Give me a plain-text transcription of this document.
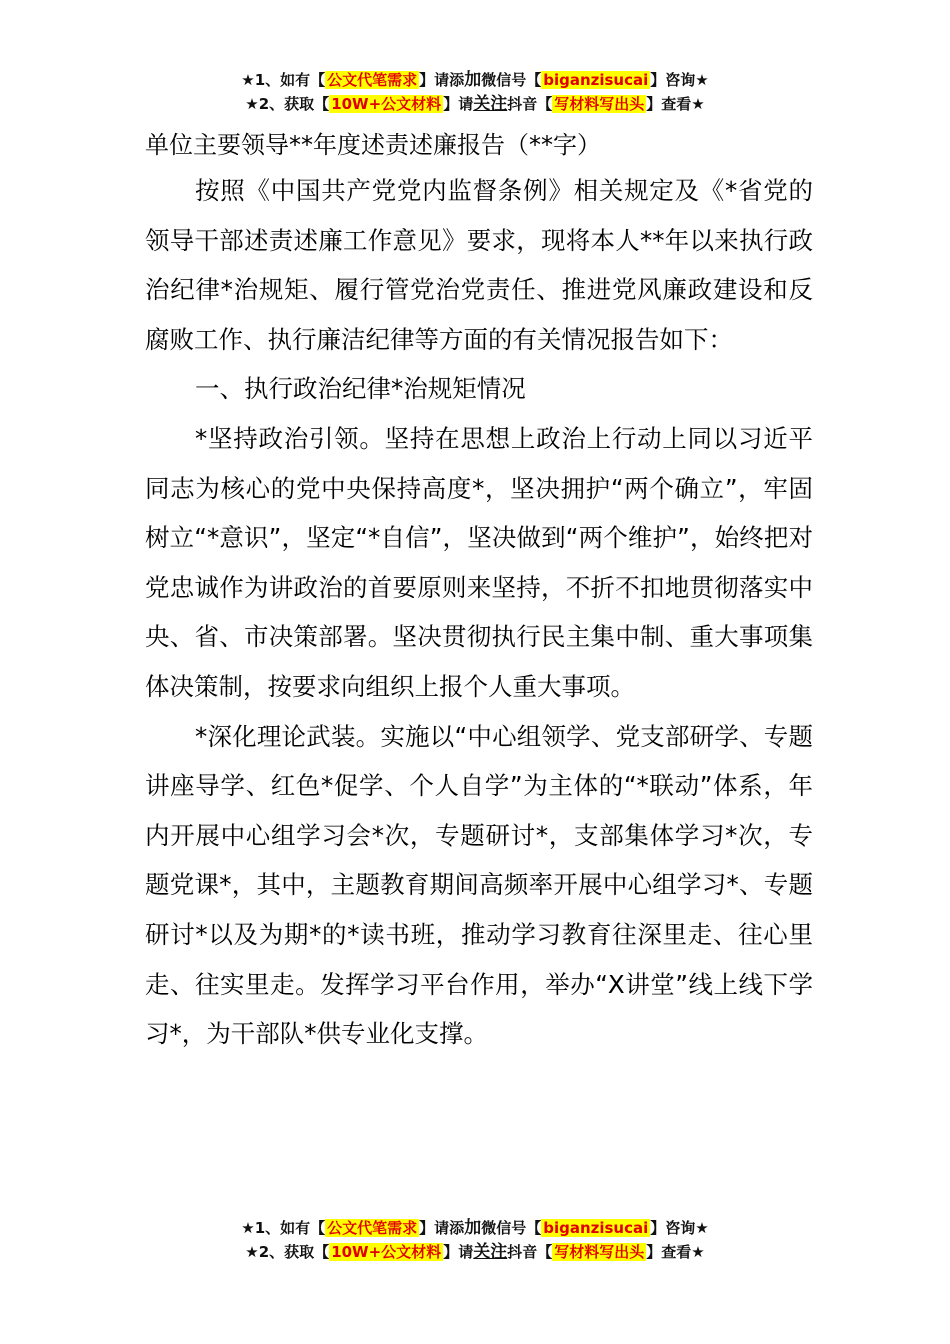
★1、如有【 公文代笔需求 】请添加微信号【 biganzisucai 】咨询★
★2、获取【 10W+公文材料 】请关注抖音【 写材料写出头 】查看★
单位主要领导**年度述责述廉报告（**字）

按照《中国共产党党内监督条例》相关规定及《*省党的领导干部述责述廉工作意见》要求，现将本人**年以来执行政治纪律*治规矩、履行管党治党责任、推进党风廉政建设和反腐败工作、执行廉洁纪律等方面的有关情况报告如下：

一、执行政治纪律*治规矩情况

*坚持政治引领。坚持在思想上政治上行动上同以习近平同志为核心的党中央保持高度*，坚决拥护“两个确立”，牢固树立“*意识”，坚定“*自信”，坚决做到“两个维护”，始终把对党忠诚作为讲政治的首要原则来坚持，不折不扣地贯彻落实中央、省、市决策部署。坚决贯彻执行民主集中制、重大事项集体决策制，按要求向组织上报个人重大事项。

*深化理论武装。实施以“中心组领学、党支部研学、专题讲座导学、红色*促学、个人自学”为主体的“*联动”体系，年内开展中心组学习会*次，专题研讨*，支部集体学习*次，专题党课*，其中，主题教育期间高频率开展中心组学习*、专题研讨*以及为期*的*读书班，推动学习教育往深里走、往心里走、往实里走。发挥学习平台作用，举办“X讲堂”线上线下学习*，为干部队*供专业化支撑。

★1、如有【 公文代笔需求 】请添加微信号【 biganzisucai 】咨询★
★2、获取【 10W+公文材料 】请关注抖音【 写材料写出头 】查看★
